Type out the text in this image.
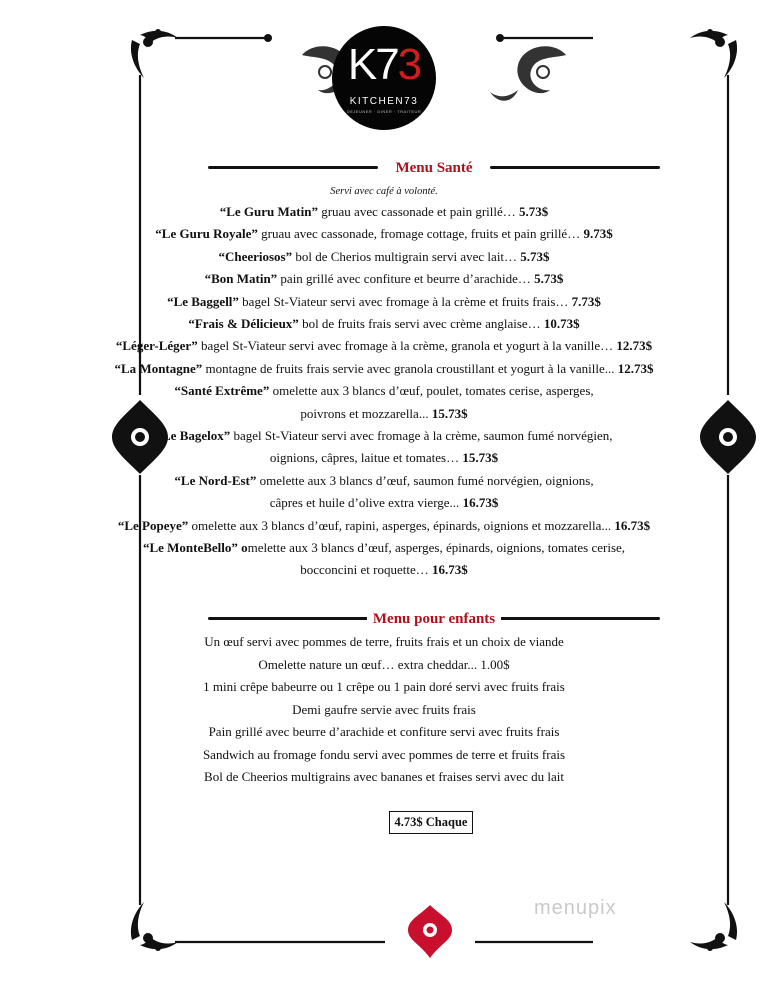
K73
KITCHEN73
DEJEUNER · DINER · TRAITEUR
Menu Santé
Servi avec café à volonté.
“Le Guru Matin” gruau avec cassonade et pain grillé… 5.73$
“Le Guru Royale” gruau avec cassonade, fromage cottage, fruits et pain grillé… 9.73$
“Cheeriosos” bol de Cherios multigrain servi avec lait… 5.73$
“Bon Matin” pain grillé avec confiture et beurre d’arachide… 5.73$
“Le Baggell” bagel St-Viateur servi avec fromage à la crème et fruits frais… 7.73$
“Frais & Délicieux” bol de fruits frais servi avec crème anglaise… 10.73$
“Léger-Léger” bagel St-Viateur servi avec fromage à la crème, granola et yogurt à la vanille… 12.73$
“La Montagne” montagne de fruits frais servie avec granola croustillant et yogurt à la vanille... 12.73$
“Santé Extrême” omelette aux 3 blancs d’œuf, poulet, tomates cerise, asperges,
poivrons et mozzarella... 15.73$
“Le Bagelox” bagel St-Viateur servi avec fromage à la crème, saumon fumé norvégien,
oignions, câpres, laitue et tomates… 15.73$
“Le Nord-Est” omelette aux 3 blancs d’œuf, saumon fumé norvégien, oignions,
câpres et huile d’olive extra vierge... 16.73$
“Le Popeye” omelette aux 3 blancs d’œuf, rapini, asperges, épinards, oignions et mozzarella... 16.73$
“Le MonteBello” omelette aux 3 blancs d’œuf, asperges, épinards, oignions, tomates cerise,
bocconcini et roquette… 16.73$
Menu pour enfants
Un œuf servi avec pommes de terre, fruits frais et un choix de viande
Omelette nature un œuf… extra cheddar... 1.00$
1 mini crêpe babeurre ou 1 crêpe ou 1 pain doré servi avec fruits frais
Demi gaufre servie avec fruits frais
Pain grillé avec beurre d’arachide et confiture servi avec fruits frais
Sandwich au fromage fondu servi avec pommes de terre et fruits frais
Bol de Cheerios multigrains avec bananes et fraises servi avec du lait
4.73$ Chaque
menupix
